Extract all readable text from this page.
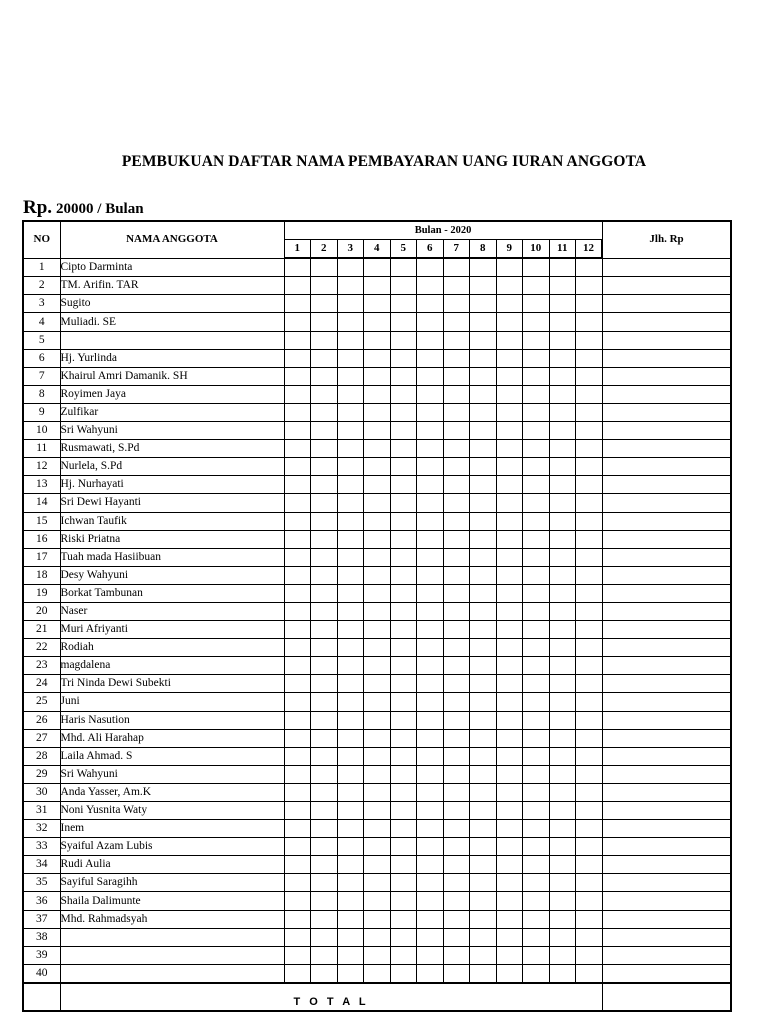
PEMBUKUAN DAFTAR NAMA PEMBAYARAN UANG IURAN ANGGOTA
Rp. 20000 / Bulan
NO	NAMA ANGGOTA	Bulan - 2020												Jlh. Rp
		1	2	3	4	5	6	7	8	9	10	11	12	
1	Cipto Darminta													
2	TM. Arifin. TAR													
3	Sugito													
4	Muliadi. SE													
5														
6	Hj. Yurlinda													
7	Khairul Amri Damanik. SH													
8	Royimen Jaya													
9	Zulfikar													
10	Sri Wahyuni													
11	Rusmawati, S.Pd													
12	Nurlela, S.Pd													
13	Hj. Nurhayati													
14	Sri Dewi Hayanti													
15	Ichwan Taufik													
16	Riski Priatna													
17	Tuah mada Hasiibuan													
18	Desy Wahyuni													
19	Borkat Tambunan													
20	Naser													
21	Muri Afriyanti													
22	Rodiah													
23	magdalena													
24	Tri Ninda Dewi Subekti													
25	Juni													
26	Haris Nasution													
27	Mhd. Ali Harahap													
28	Laila Ahmad. S													
29	Sri Wahyuni													
30	Anda Yasser, Am.K													
31	Noni Yusnita Waty													
32	Inem													
33	Syaiful Azam Lubis													
34	Rudi Aulia													
35	Sayiful Saragihh													
36	Shaila Dalimunte													
37	Mhd. Rahmadsyah													
38														
39														
40														
	T O T A L													
